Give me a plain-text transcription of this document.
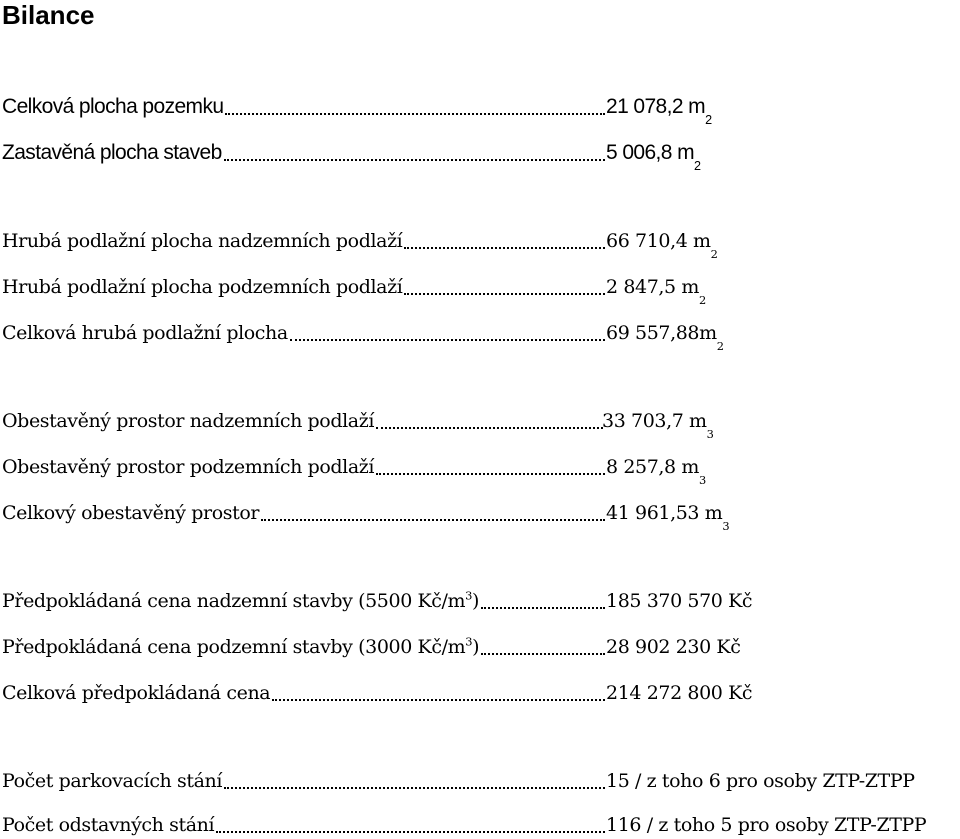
Bilance
Celková plocha pozemku	21 078,2 m
2
Zastavěná plocha staveb	5 006,8 m
2
Hrubá podlažní plocha nadzemních podlaží	66 710,4 m
2
Hrubá podlažní plocha podzemních podlaží	2 847,5 m
2
Celková hrubá podlažní plocha	69 557,88m
2
Obestavěný prostor nadzemních podlaží	33 703,7 m
3
Obestavěný prostor podzemních podlaží	8 257,8 m
3
Celkový obestavěný prostor	41 961,53 m
3
Předpokládaná cena nadzemní stavby (5500 $Kč/m^3$)	185 370 570 Kč
Předpokládaná cena podzemní stavby (3000 $Kč/m^3$)	28 902 230 Kč
Celková předpokládaná cena	214 272 800 Kč
Počet parkovacích stání	15 / z toho 6 pro osoby ZTP-ZTPP
Počet odstavných stání	116 / z toho 5 pro osoby ZTP-ZTPP
